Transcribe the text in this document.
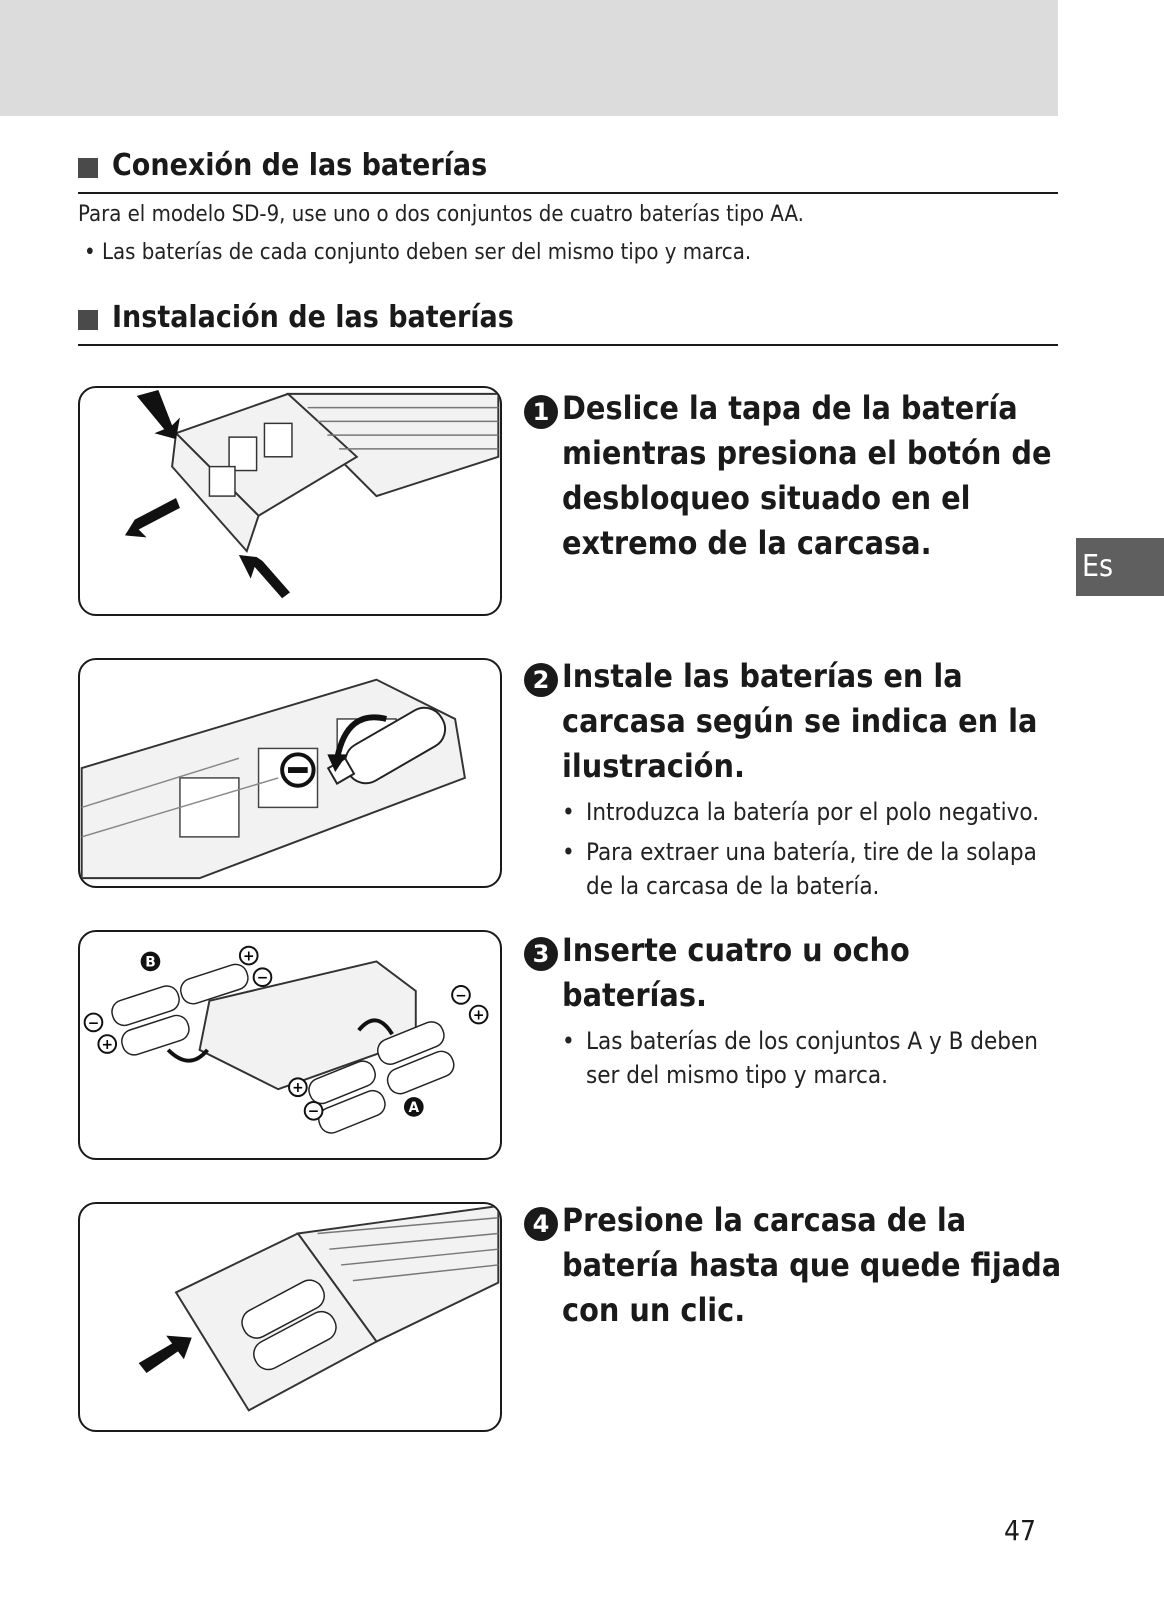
Es
Conexión de las baterías
Para el modelo SD-9, use uno o dos conjuntos de cuatro baterías tipo AA.
• Las baterías de cada conjunto deben ser del mismo tipo y marca.
Instalación de las baterías
1 Deslice la tapa de la batería mientras presiona el botón de desbloqueo situado en el extremo de la carcasa.
2 Instale las baterías en la carcasa según se indica en la ilustración.
• Introduzca la batería por el polo negativo.
• Para extraer una batería, tire de la solapa de la carcasa de la batería.
B
A
+
−
−
+
−
+
+
−
3 Inserte cuatro u ocho baterías.
• Las baterías de los conjuntos A y B deben ser del mismo tipo y marca.
4 Presione la carcasa de la batería hasta que quede fijada con un clic.
47
